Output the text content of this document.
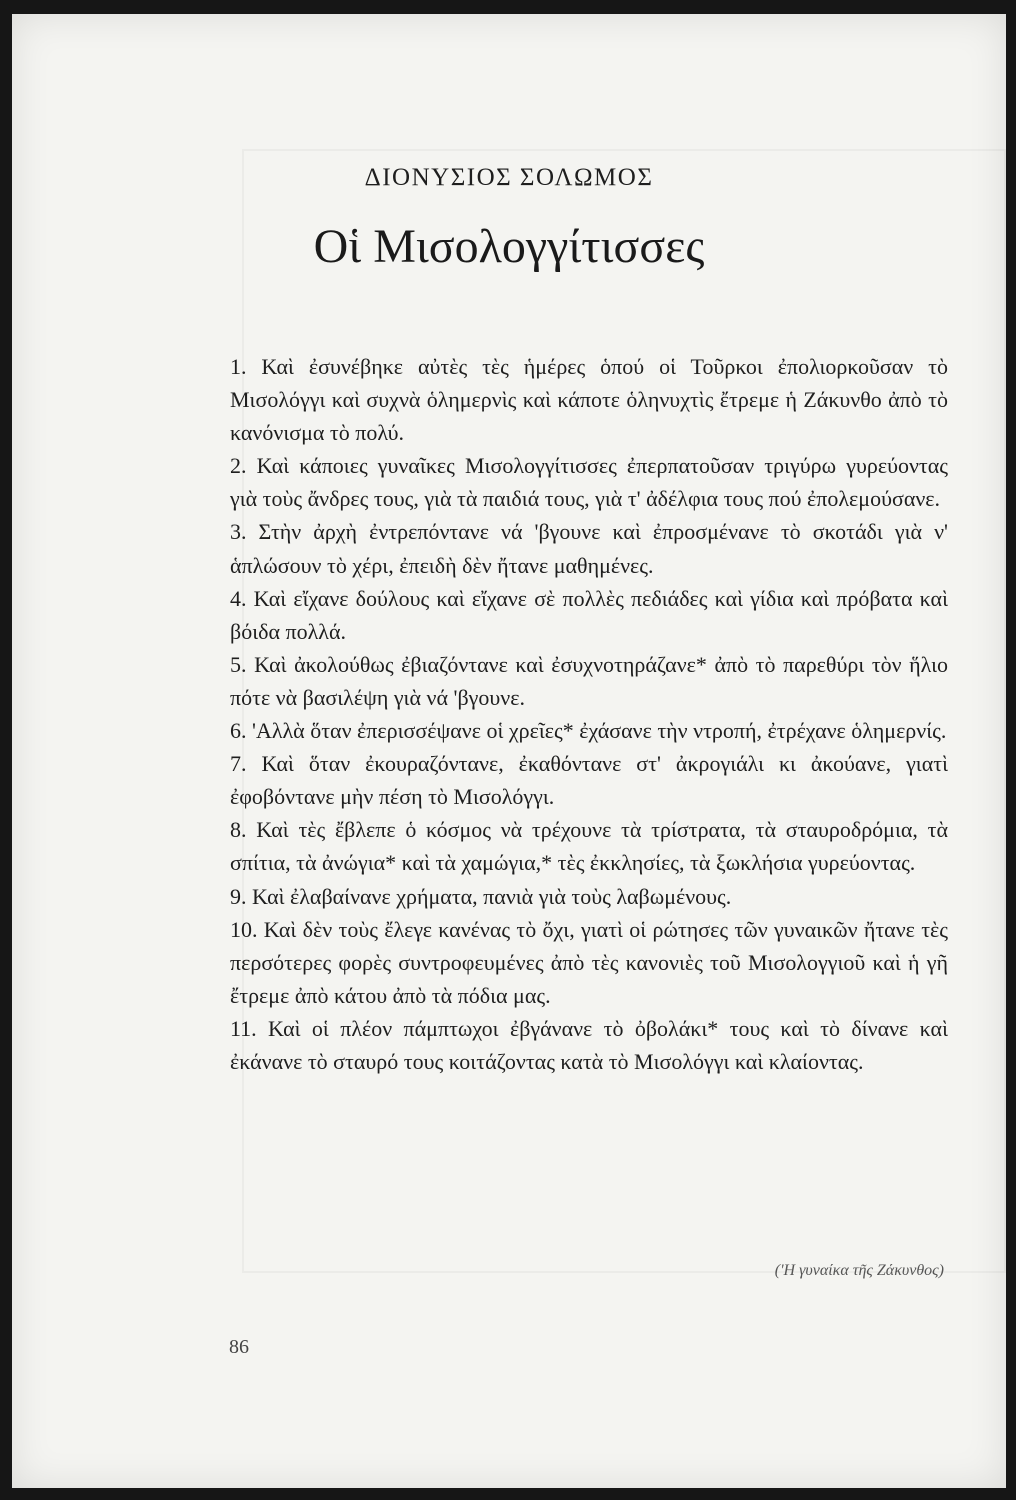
ΔΙΟΝΥΣΙΟΣ ΣΟΛΩΜΟΣ
Οἱ Μισολογγίτισσες

1. Καὶ ἐσυνέβηκε αὐτὲς τὲς ἡμέρες ὁπού οἱ Τοῦρκοι ἐπολιορκοῦσαν τὸ Μισολόγγι καὶ συχνὰ ὁλημερνὶς καὶ κάποτε ὁληνυχτὶς ἔτρεμε ἡ Ζάκυνθο ἀπὸ τὸ κανόνισμα τὸ πολύ.

2. Καὶ κάποιες γυναῖκες Μισολογγίτισσες ἐπερπατοῦσαν τριγύρω γυρεύοντας γιὰ τοὺς ἄνδρες τους, γιὰ τὰ παιδιά τους, γιὰ τ' ἀδέλφια τους πού ἐπολεμούσανε.

3. Στὴν ἀρχὴ ἐντρεπόντανε νά 'βγουνε καὶ ἐπροσμένανε τὸ σκοτάδι γιὰ ν' ἁπλώσουν τὸ χέρι, ἐπειδὴ δὲν ἤτανε μαθημένες.

4. Καὶ εἴχανε δούλους καὶ εἴχανε σὲ πολλὲς πεδιάδες καὶ γίδια καὶ πρόβατα καὶ βόιδα πολλά.

5. Καὶ ἀκολούθως ἐβιαζόντανε καὶ ἐσυχνοτηράζανε* ἀπὸ τὸ παρεθύρι τὸν ἥλιο πότε νὰ βασιλέψη γιὰ νά 'βγουνε.

6. 'Αλλὰ ὅταν ἐπερισσέψανε οἱ χρεῖες* ἐχάσανε τὴν ντροπή, ἐτρέχανε ὁλημερνίς.

7. Καὶ ὅταν ἐκουραζόντανε, ἐκαθόντανε στ' ἀκρογιάλι κι ἀκούανε, γιατὶ ἐφοβόντανε μὴν πέση τὸ Μισολόγγι.

8. Καὶ τὲς ἔβλεπε ὁ κόσμος νὰ τρέχουνε τὰ τρίστρατα, τὰ σταυροδρόμια, τὰ σπίτια, τὰ ἀνώγια* καὶ τὰ χαμώγια,* τὲς ἐκκλησίες, τὰ ξωκλήσια γυρεύοντας.

9. Καὶ ἐλαβαίνανε χρήματα, πανιὰ γιὰ τοὺς λαβωμένους.

10. Καὶ δὲν τοὺς ἔλεγε κανένας τὸ ὄχι, γιατὶ οἱ ρώτησες τῶν γυναικῶν ἤτανε τὲς περσότερες φορὲς συντροφευμένες ἀπὸ τὲς κανονιὲς τοῦ Μισολογγιοῦ καὶ ἡ γῆ ἔτρεμε ἀπὸ κάτου ἀπὸ τὰ πόδια μας.

11. Καὶ οἱ πλέον πάμπτωχοι ἐβγάνανε τὸ ὀβολάκι* τους καὶ τὸ δίνανε καὶ ἐκάνανε τὸ σταυρό τους κοιτάζοντας κατὰ τὸ Μισολόγγι καὶ κλαίοντας.

('Η γυναίκα τῆς Ζάκυνθος)
86
